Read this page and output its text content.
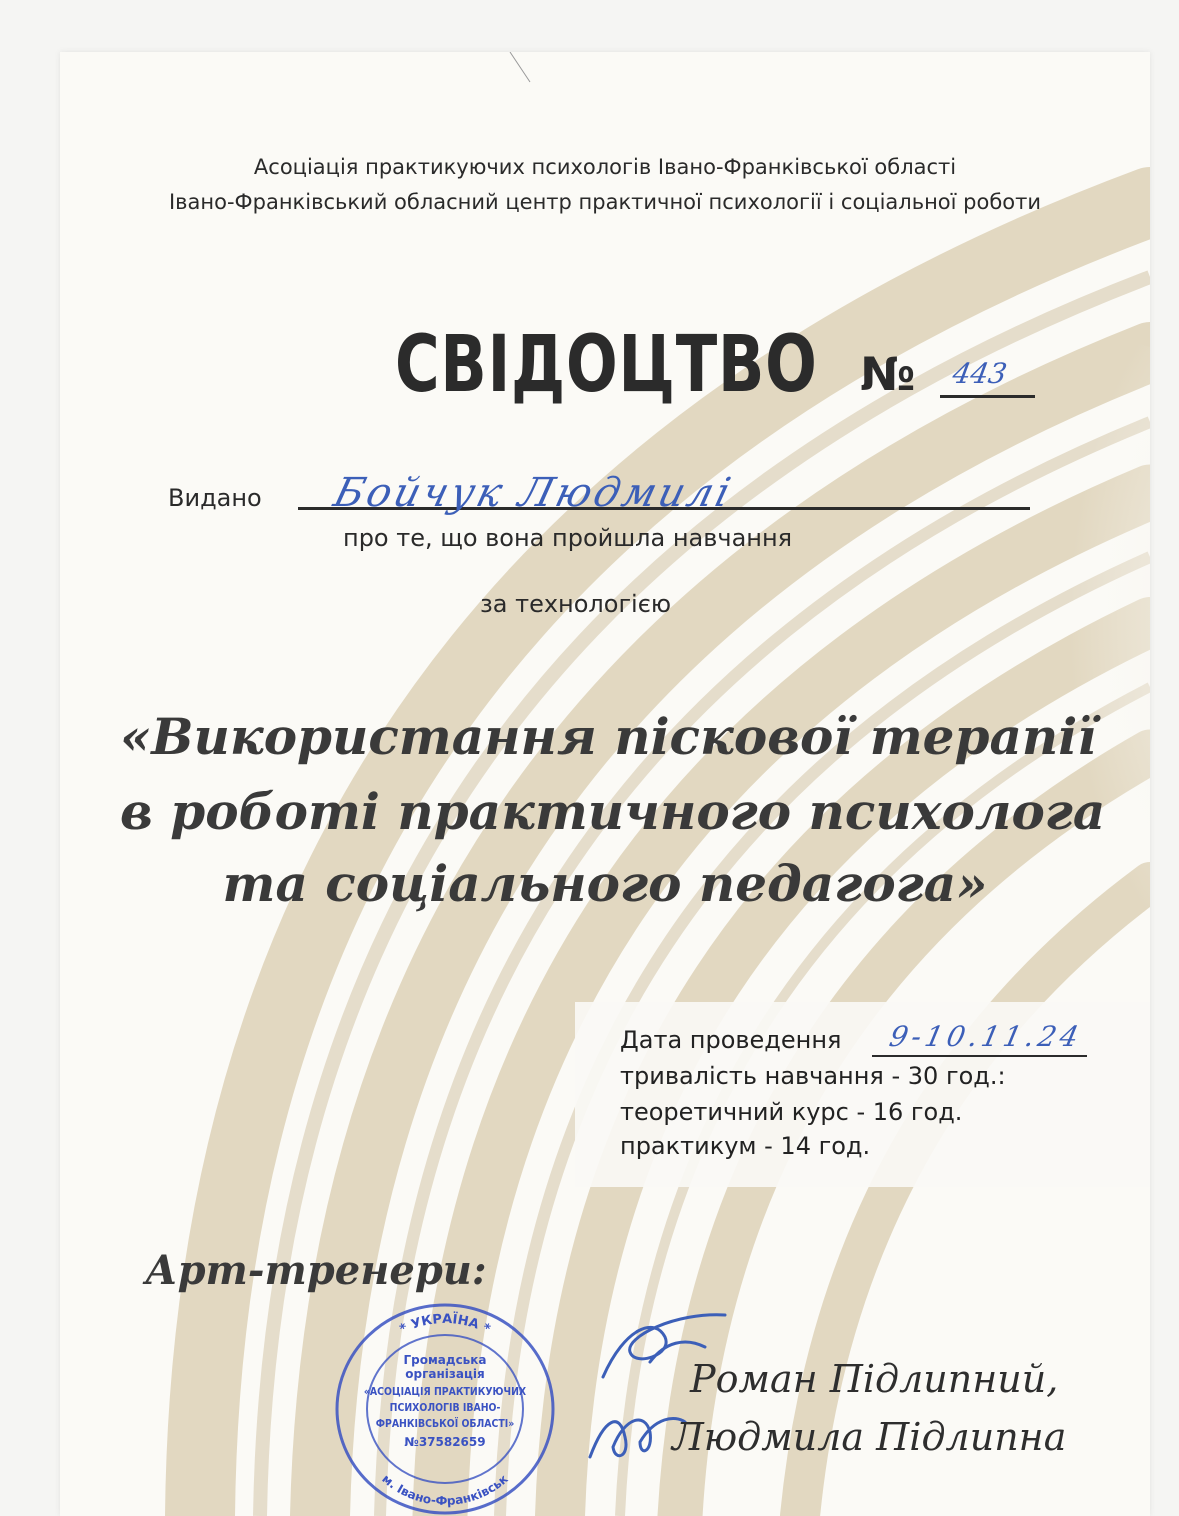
Асоціація практикуючих психологів Івано-Франківської області
Івано-Франківський обласний центр практичної психології і соціальної роботи
СВІДОЦТВО № 443
Видано Бойчук Людмилі
про те, що вона пройшла навчання
за технологією
«Використання піскової терапії
в роботі практичного психолога
та соціального педагога»
Дата проведення 9-10.11.24
тривалість навчання - 30 год.:
теоретичний курс - 16 год.
практикум - 14 год.
Арт-тренери:
* УКРАЇНА *
м. Івано-Франківськ
Громадська
організація
«АСОЦІАЦІЯ ПРАКТИКУЮЧИХ
ПСИХОЛОГІВ ІВАНО-
ФРАНКІВСЬКОЇ ОБЛАСТІ»
№37582659
Роман Підлипний,
Людмила Підлипна
